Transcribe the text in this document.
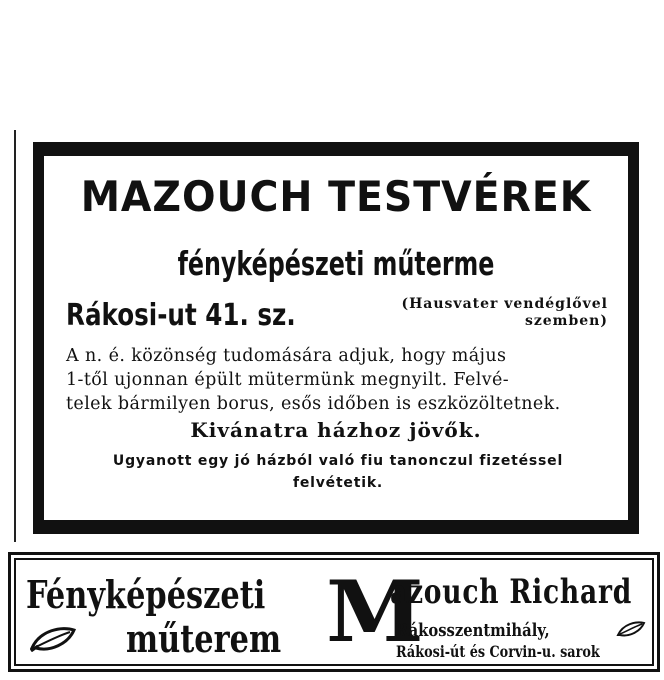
MAZOUCH TESTVÉREK
fényképészeti műterme
Rákosi-ut 41. sz.	(Hausvater vendéglővel
szemben)
A n. é. közönség tudomására adjuk, hogy május
1-től ujonnan épült mütermünk megnyilt. Felvé-
telek bármilyen borus, esős időben is eszközöltetnek.
Kivánatra házhoz jövők.
Ugyanott egy jó házból való fiu tanonczul fizetéssel
felvétetik.
Fényképészeti
műterem M
azouch Richard
Rákosszentmihály,
Rákosi-út és Corvin-u. sarok
